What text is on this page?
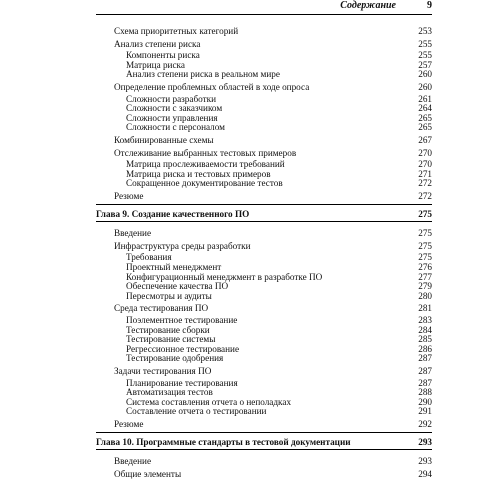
Содержание	9
Схема приоритетных категорий	253
Анализ степени риска	255
Компоненты риска	255
Матрица риска	257
Анализ степени риска в реальном мире	260
Определение проблемных областей в ходе опроса	260
Сложности разработки	261
Сложности с заказчиком	264
Сложности управления	265
Сложности с персоналом	265
Комбинированные схемы	267
Отслеживание выбранных тестовых примеров	270
Матрица прослеживаемости требований	270
Матрица риска и тестовых примеров	271
Сокращенное документирование тестов	272
Резюме	272
Глава 9. Создание качественного ПО	275
Введение	275
Инфраструктура среды разработки	275
Требования	275
Проектный менеджмент	276
Конфигурационный менеджмент в разработке ПО	277
Обеспечение качества ПО	279
Пересмотры и аудиты	280
Среда тестирования ПО	281
Поэлементное тестирование	283
Тестирование сборки	284
Тестирование системы	285
Регрессионное тестирование	286
Тестирование одобрения	287
Задачи тестирования ПО	287
Планирование тестирования	287
Автоматизация тестов	288
Система составления отчета о неполадках	290
Составление отчета о тестировании	291
Резюме	292
Глава 10. Программные стандарты в тестовой документации	293
Введение	293
Общие элементы	294
